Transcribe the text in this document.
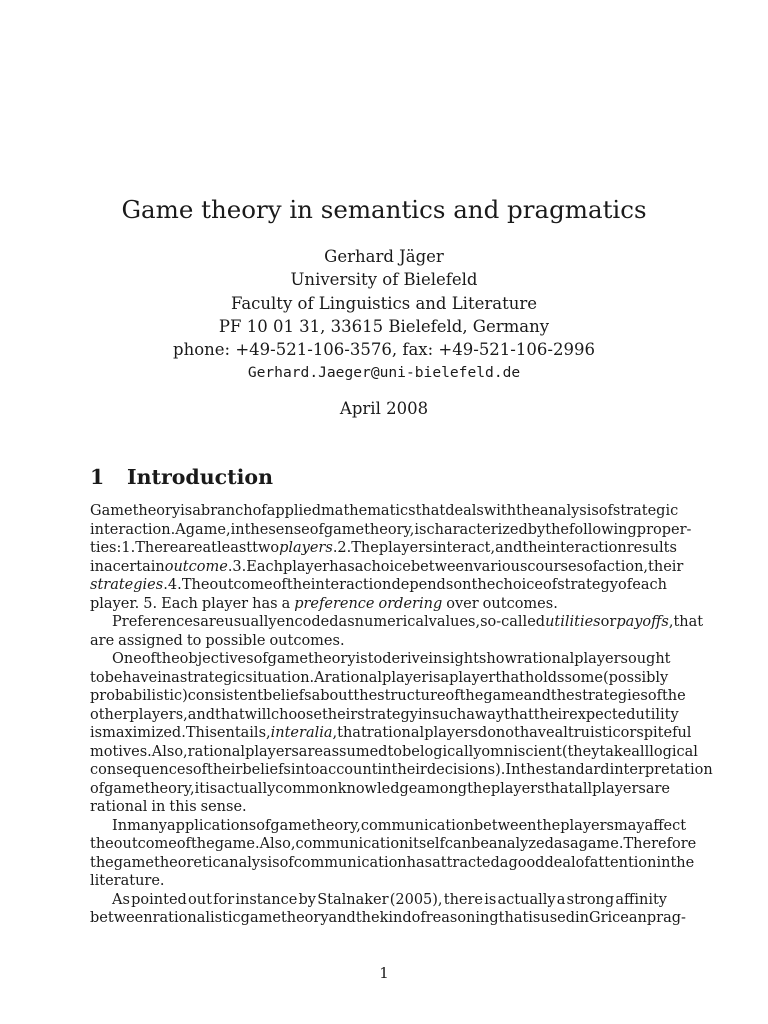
Game theory in semantics and pragmatics
Gerhard Jäger
University of Bielefeld
Faculty of Linguistics and Literature
PF 10 01 31, 33615 Bielefeld, Germany
phone: +49-521-106-3576, fax: +49-521-106-2996
Gerhard.Jaeger@uni-bielefeld.de
April 2008
1 Introduction
Game theory is a branch of applied mathematics that deals with the analysis of strategic
interaction. A game, in the sense of game theory, is characterized by the following proper-
ties: 1. There are at least two players. 2. The players interact, and the interaction results
in a certain outcome. 3. Each player has a choice between various courses of action, their
strategies. 4. The outcome of the interaction depends on the choice of strategy of each
player. 5. Each player has a preference ordering over outcomes.
Preferences are usually encoded as numerical values, so-called utilities or payoffs, that
are assigned to possible outcomes.
One of the objectives of game theory is to derive insights how rational players ought
to behave in a strategic situation. A rational player is a player that holds some (possibly
probabilistic) consistent beliefs about the structure of the game and the strategies of the
other players, and that will choose their strategy in such a way that their expected utility
is maximized. This entails, inter alia, that rational players do not have altruistic or spiteful
motives. Also, rational players are assumed to be logically omniscient (they take all logical
consequences of their beliefs into account in their decisions). In the standard interpretation
of game theory, it is actually common knowledge among the players that all players are
rational in this sense.
In many applications of game theory, communication between the players may affect
the outcome of the game. Also, communication itself can be analyzed as a game. Therefore
the game theoretic analysis of communication has attracted a good deal of attention in the
literature.
As pointed out for instance by Stalnaker (2005), there is actually a strong affinity
between rationalistic game theory and the kind of reasoning that is used in Gricean prag-
1
